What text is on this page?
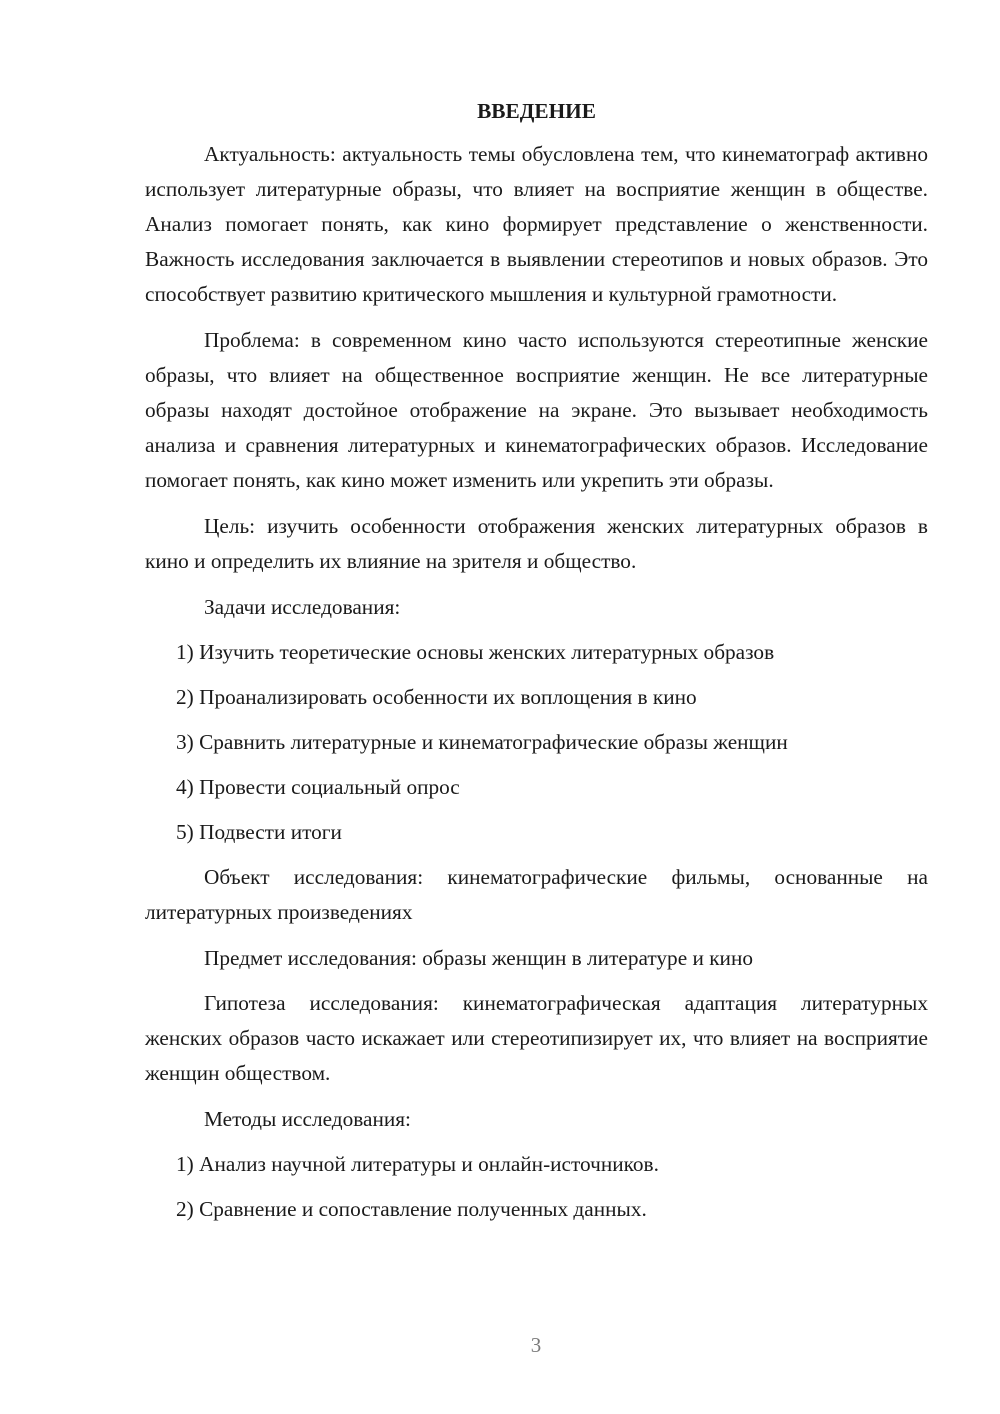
ВВЕДЕНИЕ

Актуальность: актуальность темы обусловлена тем, что кинематограф активно использует литературные образы, что влияет на восприятие женщин в обществе. Анализ помогает понять, как кино формирует представление о женственности. Важность исследования заключается в выявлении стереотипов и новых образов. Это способствует развитию критического мышления и культурной грамотности.

Проблема: в современном кино часто используются стереотипные женские образы, что влияет на общественное восприятие женщин. Не все литературные образы находят достойное отображение на экране. Это вызывает необходимость анализа и сравнения литературных и кинематографических образов. Исследование помогает понять, как кино может изменить или укрепить эти образы.

Цель: изучить особенности отображения женских литературных образов в кино и определить их влияние на зрителя и общество.

Задачи исследования:

1) Изучить теоретические основы женских литературных образов

2) Проанализировать особенности их воплощения в кино

3) Сравнить литературные и кинематографические образы женщин

4) Провести социальный опрос

5) Подвести итоги

Объект исследования: кинематографические фильмы, основанные на литературных произведениях

Предмет исследования: образы женщин в литературе и кино

Гипотеза исследования: кинематографическая адаптация литературных женских образов часто искажает или стереотипизирует их, что влияет на восприятие женщин обществом.

Методы исследования:

1) Анализ научной литературы и онлайн-источников.

2) Сравнение и сопоставление полученных данных.

3
